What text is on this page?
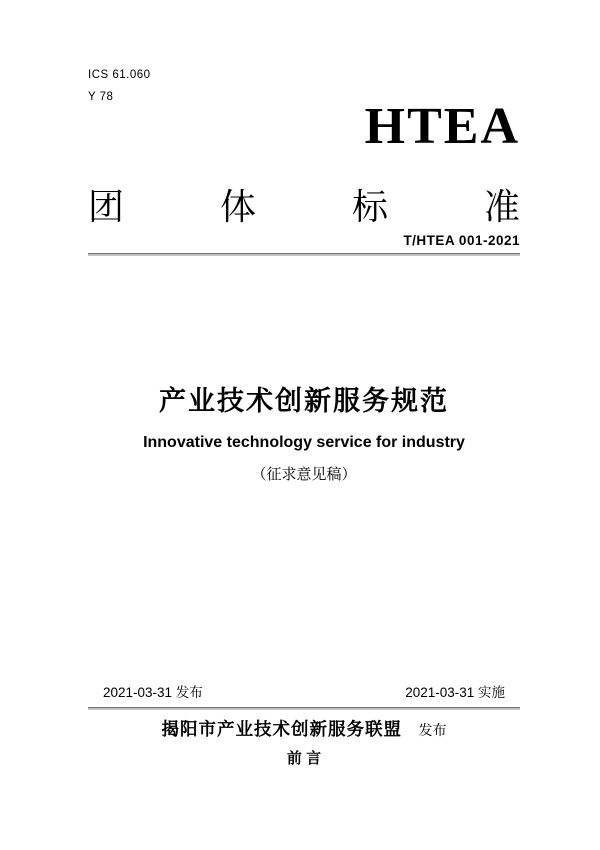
ICS 61.060
Y 78
HTEA
团	体	标	准
T/HTEA 001-2021
产业技术创新服务规范
Innovative technology service for industry
（征求意见稿）
2021-03-31 发布	2021-03-31 实施
揭阳市产业技术创新服务联盟 发布
前 言
